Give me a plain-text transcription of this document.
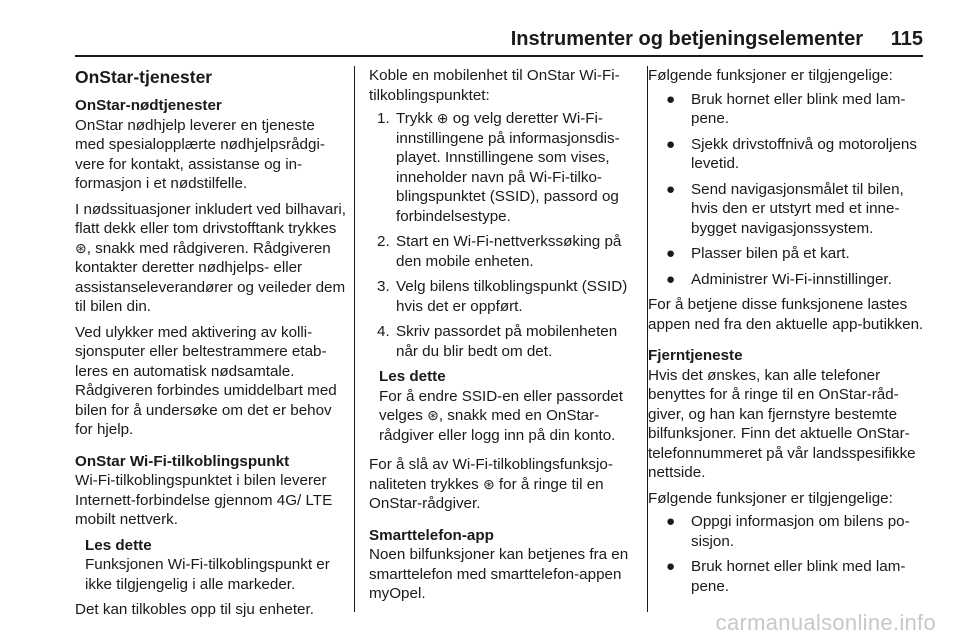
Instrumenter og betjeningselementer 115
OnStar-tjenester
OnStar-nødtjenester

OnStar nødhjelp leverer en tjeneste med spesialopplærte nødhjelpsrådgivere for kontakt, assistanse og informasjon i et nødstilfelle.

I nødssituasjoner inkludert ved bilhavari, flatt dekk eller tom drivstofftank trykkes ⊛, snakk med rådgiveren. Rådgiveren kontakter deretter nødhjelps- eller assistanseleverandører og veileder dem til bilen din.

Ved ulykker med aktivering av kollisjonsputer eller beltestrammere etableres en automatisk nødsamtale. Rådgiveren forbindes umiddelbart med bilen for å undersøke om det er behov for hjelp.

OnStar Wi-Fi-tilkoblingspunkt

Wi-Fi-tilkoblingspunktet i bilen leverer Internett-forbindelse gjennom 4G/ LTE mobilt nettverk.

Les dette
Funksjonen Wi-Fi-tilkoblingspunkt er ikke tilgjengelig i alle markeder.

Det kan tilkobles opp til sju enheter.

Koble en mobilenhet til OnStar Wi-Fi-tilkoblingspunktet:

1. Trykk ⊕ og velg deretter Wi-Fi-innstillingene på informasjonsdisplayet. Innstillingene som vises, inneholder navn på Wi-Fi-tilkoblingspunktet (SSID), passord og forbindelsestype.
2. Start en Wi-Fi-nettverkssøking på den mobile enheten.
3. Velg bilens tilkoblingspunkt (SSID) hvis det er oppført.
4. Skriv passordet på mobilenheten når du blir bedt om det.
Les dette
For å endre SSID-en eller passordet velges ⊛, snakk med en OnStar-rådgiver eller logg inn på din konto.

For å slå av Wi-Fi-tilkoblingsfunksjonaliteten trykkes ⊛ for å ringe til en OnStar-rådgiver.

Smarttelefon-app

Noen bilfunksjoner kan betjenes fra en smarttelefon med smarttelefon-appen myOpel.

Følgende funksjoner er tilgjengelige:

● Bruk hornet eller blink med lampene.
● Sjekk drivstoffnivå og motoroljens levetid.
● Send navigasjonsmålet til bilen, hvis den er utstyrt med et innebygget navigasjonssystem.
● Plasser bilen på et kart.
● Administrer Wi-Fi-innstillinger.

For å betjene disse funksjonene lastes appen ned fra den aktuelle app-butikken.

Fjerntjeneste

Hvis det ønskes, kan alle telefoner benyttes for å ringe til en OnStar-rådgiver, og han kan fjernstyre bestemte bilfunksjoner. Finn det aktuelle OnStar-telefonnummeret på vår landsspesifikke nettside.

Følgende funksjoner er tilgjengelige:

● Oppgi informasjon om bilens posisjon.
● Bruk hornet eller blink med lampene.
carmanualsonline.info
